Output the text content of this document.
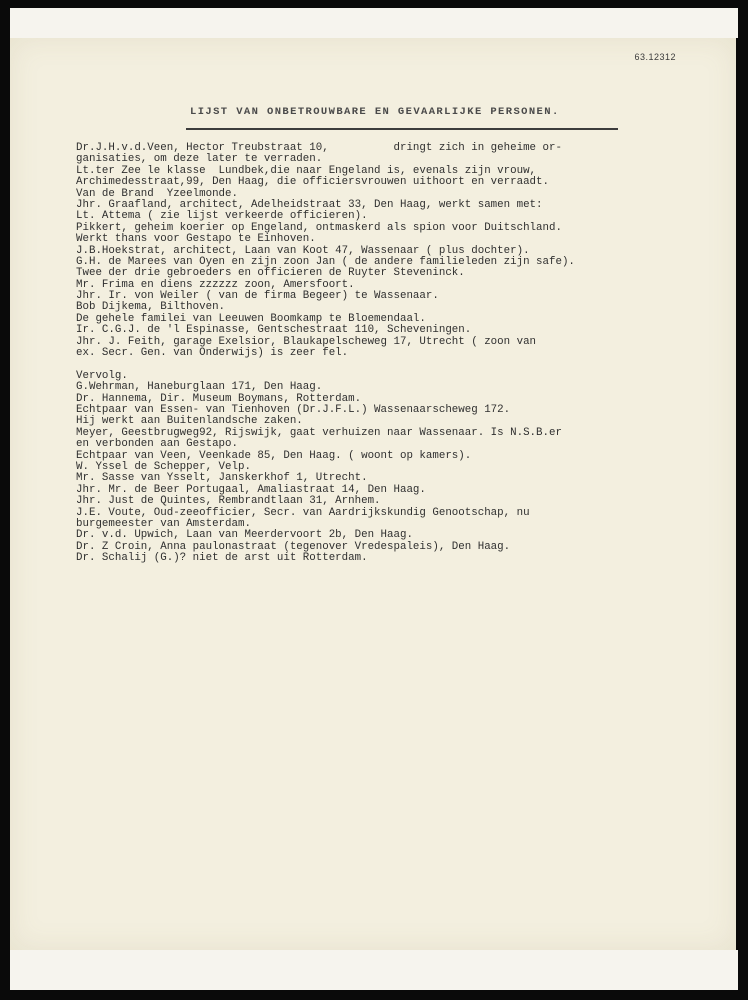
63.12312
LIJST VAN ONBETROUWBARE EN GEVAARLIJKE PERSONEN.
Dr.J.H.v.d.Veen, Hector Treubstraat 10,          dringt zich in geheime or-
ganisaties, om deze later te verraden.
Lt.ter Zee le klasse  Lundbek,die naar Engeland is, evenals zijn vrouw,
Archimedesstraat,99, Den Haag, die officiersvrouwen uithoort en verraadt.
Van de Brand  Yzeelmonde.
Jhr. Graafland, architect, Adelheidstraat 33, Den Haag, werkt samen met:
Lt. Attema ( zie lijst verkeerde officieren).
Pikkert, geheim koerier op Engeland, ontmaskerd als spion voor Duitschland.
Werkt thans voor Gestapo te Einhoven.
J.B.Hoekstrat, architect, Laan van Koot 47, Wassenaar ( plus dochter).
G.H. de Marees van Oyen en zijn zoon Jan ( de andere familieleden zijn safe).
Twee der drie gebroeders en officieren de Ruyter Steveninck.
Mr. Frima en diens zzzzzz zoon, Amersfoort.
Jhr. Ir. von Weiler ( van de firma Begeer) te Wassenaar.
Bob Dijkema, Bilthoven.
De gehele familei van Leeuwen Boomkamp te Bloemendaal.
Ir. C.G.J. de 'l Espinasse, Gentschestraat 110, Scheveningen.
Jhr. J. Feith, garage Exelsior, Blaukapelscheweg 17, Utrecht ( zoon van
ex. Secr. Gen. van Onderwijs) is zeer fel.
Vervolg.
G.Wehrman, Haneburglaan 171, Den Haag.
Dr. Hannema, Dir. Museum Boymans, Rotterdam.
Echtpaar van Essen- van Tienhoven (Dr.J.F.L.) Wassenaarscheweg 172.
Hij werkt aan Buitenlandsche zaken.
Meyer, Geestbrugweg92, Rijswijk, gaat verhuizen naar Wassenaar. Is N.S.B.er
en verbonden aan Gestapo.
Echtpaar van Veen, Veenkade 85, Den Haag. ( woont op kamers).
W. Yssel de Schepper, Velp.
Mr. Sasse van Ysselt, Janskerkhof 1, Utrecht.
Jhr. Mr. de Beer Portugaal, Amaliastraat 14, Den Haag.
Jhr. Just de Quintes, Rembrandtlaan 31, Arnhem.
J.E. Voute, Oud-zeeofficier, Secr. van Aardrijkskundig Genootschap, nu
burgemeester van Amsterdam.
Dr. v.d. Upwich, Laan van Meerdervoort 2b, Den Haag.
Dr. Z Croin, Anna paulonastraat (tegenover Vredespaleis), Den Haag.
Dr. Schalij (G.)? niet de arst uit Rotterdam.
